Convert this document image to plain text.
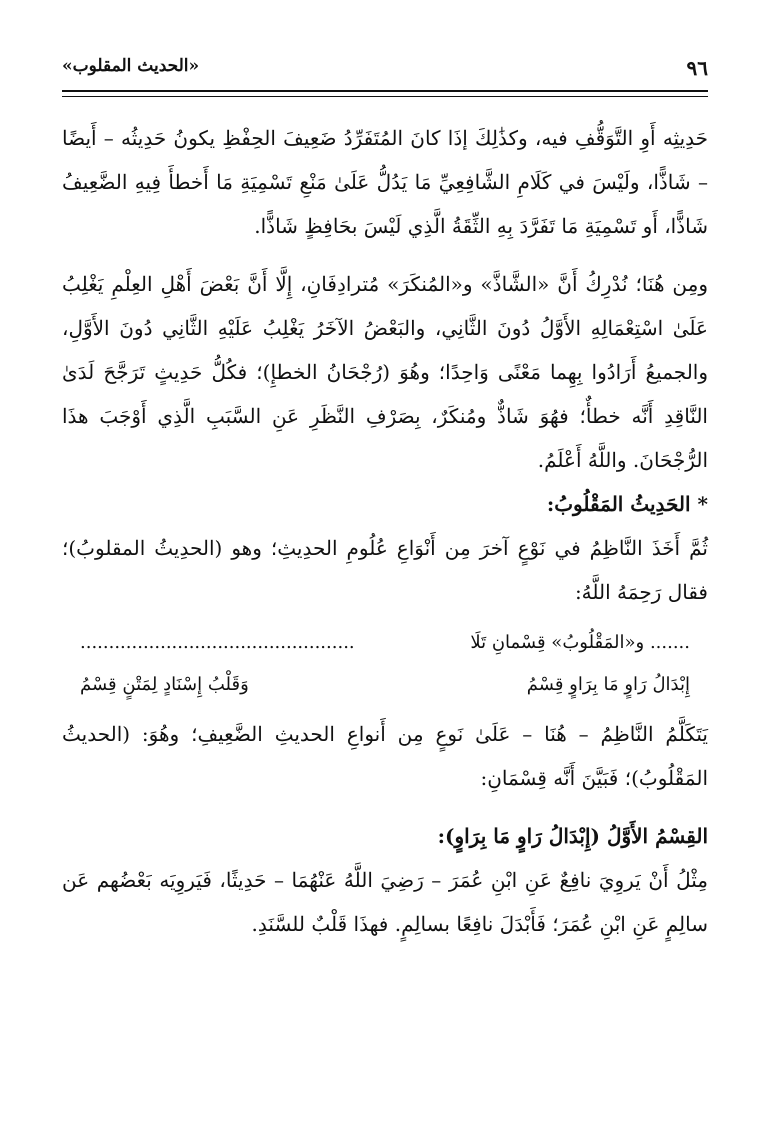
٩٦
«الحديث المقلوب»

حَدِيثِه أَوِ التَّوَقُّفِ فيه، وكذَٰلِكَ إذَا كانَ المُتَفَرِّدُ ضَعِيفَ الحِفْظِ يكونُ حَدِيثُه – أَيضًا – شَاذًّا، ولَيْسَ في كَلَامِ الشَّافِعِيِّ مَا يَدُلُّ عَلَىٰ مَنْعِ تَسْمِيَةِ مَا أَخطأَ فِيهِ الضَّعِيفُ شَاذًّا، أَو تَسْمِيَةِ مَا تَفَرَّدَ بِهِ الثِّقَةُ الَّذِي لَيْسَ بحَافِظٍ شَاذًّا.

ومِن هُنَا؛ نُدْرِكُ أَنَّ «الشَّاذَّ» و«المُنكَرَ» مُترادِفَانِ، إِلَّا أَنَّ بَعْضَ أَهْلِ العِلْمِ يَغْلِبُ عَلَىٰ اسْتِعْمَالِهِ الأَوَّلُ دُونَ الثَّانِي، والبَعْضُ الآخَرُ يَغْلِبُ عَلَيْهِ الثَّانِي دُونَ الأَوَّلِ، والجميعُ أَرَادُوا بِهِما مَعْنًى وَاحِدًا؛ وهُوَ (رُجْحَانُ الخطإِ)؛ فكُلُّ حَدِيثٍ تَرَجَّحَ لَدَىٰ النَّاقِدِ أَنَّه خطأٌ؛ فهُوَ شَاذٌّ ومُنكَرٌ، بِصَرْفِ النَّظَرِ عَنِ السَّبَبِ الَّذِي أَوْجَبَ هذَا الرُّجْحَانَ. واللَّهُ أَعْلَمُ.

* الحَدِيثُ المَقْلُوبُ:

ثُمَّ أَخَذَ النَّاظِمُ في نَوْعٍ آخرَ مِن أَنْوَاعِ عُلُومِ الحدِيثِ؛ وهو (الحدِيثُ المقلوبُ)؛ فقال رَحِمَهُ اللَّهُ:

....... و«المَقْلُوبُ» قِسْمانِ تَلَا
................................................
إِبْدَالُ رَاوٍ مَا بِرَاوٍ قِسْمُ
وَقَلْبُ إِسْنَادٍ لِمَتْنٍ قِسْمُ

يَتَكَلَّمُ النَّاظِمُ – هُنَا – عَلَىٰ نَوعٍ مِن أَنواعِ الحديثِ الضَّعِيفِ؛ وهُوَ: (الحديثُ المَقْلُوبُ)؛ فَبَيَّنَ أَنَّه قِسْمَانِ:

القِسْمُ الأَوَّلُ (إِبْدَالُ رَاوٍ مَا بِرَاوٍ):

مِثْلُ أَنْ يَروِيَ نافِعٌ عَنِ ابْنِ عُمَرَ – رَضِيَ اللَّهُ عَنْهُمَا – حَدِيثًا، فَيَروِيَه بَعْضُهم عَن سالِمٍ عَنِ ابْنِ عُمَرَ؛ فَأَبْدَلَ نافِعًا بسالِمٍ. فهذَا قَلْبٌ للسَّنَدِ.
